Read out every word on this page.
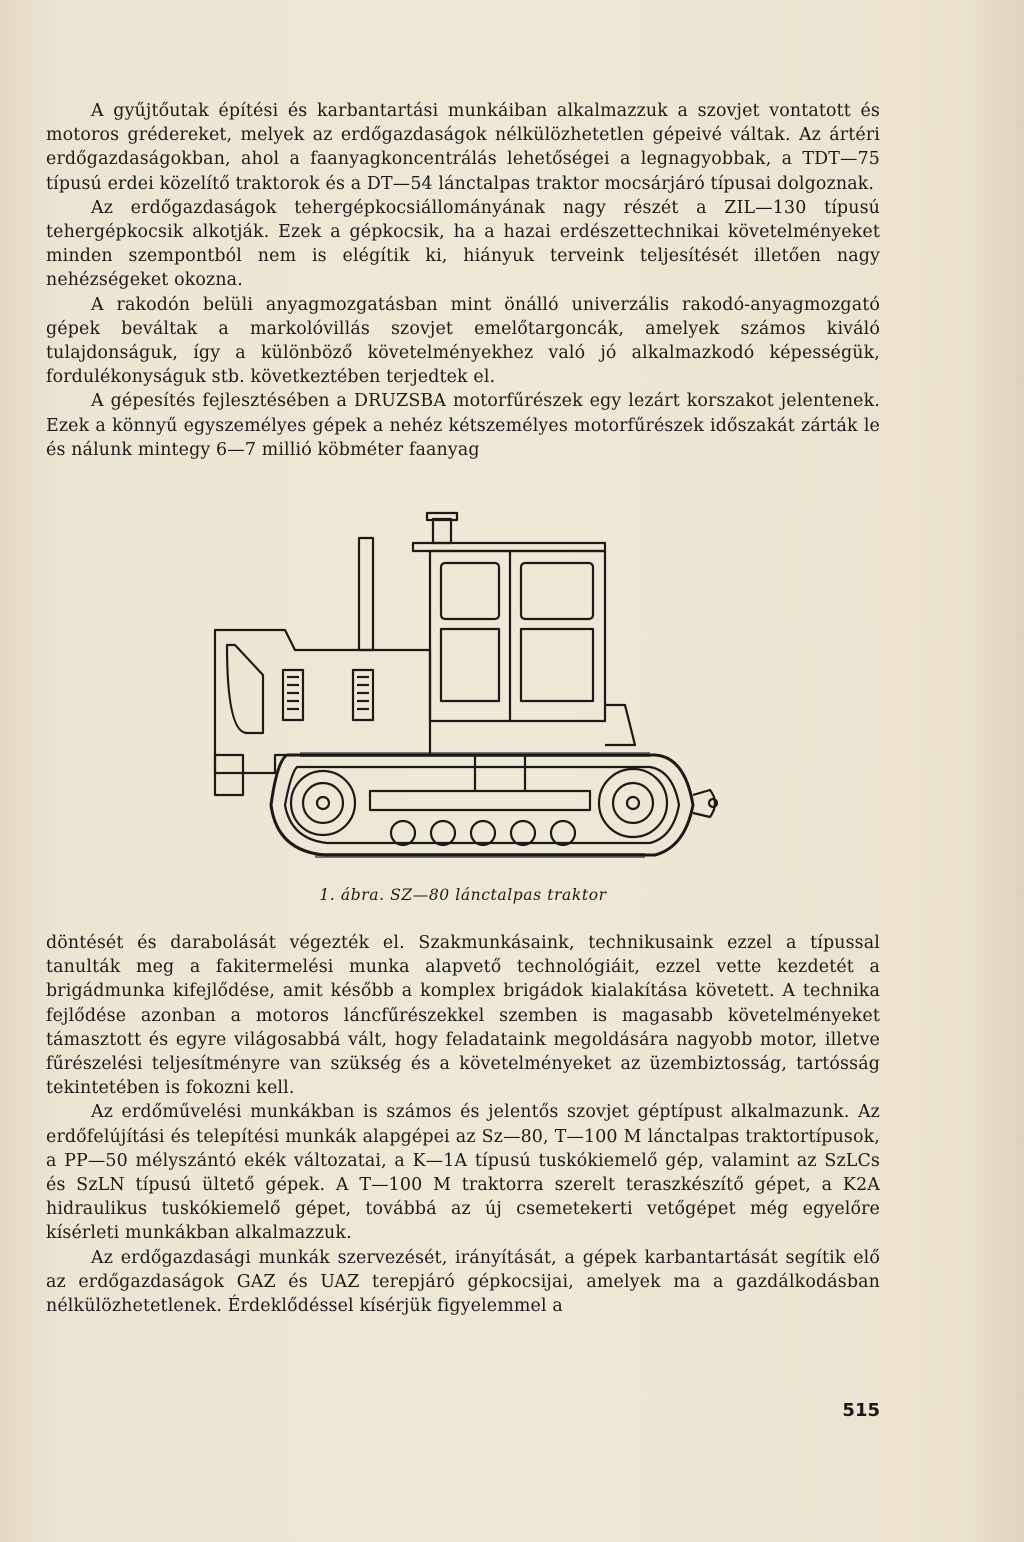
A gyűjtőutak építési és karbantartási munkáiban alkalmazzuk a szovjet vontatott és motoros grédereket, melyek az erdőgazdaságok nélkülözhetetlen gépeivé váltak. Az ártéri erdőgazdaságokban, ahol a faanyagkoncentrálás lehetőségei a legnagyobbak, a TDT—75 típusú erdei közelítő traktorok és a DT—54 lánctalpas traktor mocsárjáró típusai dolgoznak.

Az erdőgazdaságok tehergépkocsiállományának nagy részét a ZIL—130 típusú tehergépkocsik alkotják. Ezek a gépkocsik, ha a hazai erdészettechnikai követelményeket minden szempontból nem is elégítik ki, hiányuk terveink teljesítését illetően nagy nehézségeket okozna.

A rakodón belüli anyagmozgatásban mint önálló univerzális rakodó-anyagmozgató gépek beváltak a markolóvillás szovjet emelőtargoncák, amelyek számos kiváló tulajdonságuk, így a különböző követelményekhez való jó alkalmazkodó képességük, fordulékonyságuk stb. következtében terjedtek el.

A gépesítés fejlesztésében a DRUZSBA motorfűrészek egy lezárt korszakot jelentenek. Ezek a könnyű egyszemélyes gépek a nehéz kétszemélyes motorfűrészek időszakát zárták le és nálunk mintegy 6—7 millió köbméter faanyag

1. ábra. SZ—80 lánctalpas traktor

döntését és darabolását végezték el. Szakmunkásaink, technikusaink ezzel a típussal tanulták meg a fakitermelési munka alapvető technológiáit, ezzel vette kezdetét a brigádmunka kifejlődése, amit később a komplex brigádok kialakítása követett. A technika fejlődése azonban a motoros láncfűrészekkel szemben is magasabb követelményeket támasztott és egyre világosabbá vált, hogy feladataink megoldására nagyobb motor, illetve fűrészelési teljesítményre van szükség és a követelményeket az üzembiztosság, tartósság tekintetében is fokozni kell.

Az erdőművelési munkákban is számos és jelentős szovjet géptípust alkalmazunk. Az erdőfelújítási és telepítési munkák alapgépei az Sz—80, T—100 M lánctalpas traktortípusok, a PP—50 mélyszántó ekék változatai, a K—1A típusú tuskókiemelő gép, valamint az SzLCs és SzLN típusú ültető gépek. A T—100 M traktorra szerelt teraszkészítő gépet, a K2A hidraulikus tuskókiemelő gépet, továbbá az új csemetekerti vetőgépet még egyelőre kísérleti munkákban alkalmazzuk.

Az erdőgazdasági munkák szervezését, irányítását, a gépek karbantartását segítik elő az erdőgazdaságok GAZ és UAZ terepjáró gépkocsijai, amelyek ma a gazdálkodásban nélkülözhetetlenek. Érdeklődéssel kísérjük figyelemmel a

515
